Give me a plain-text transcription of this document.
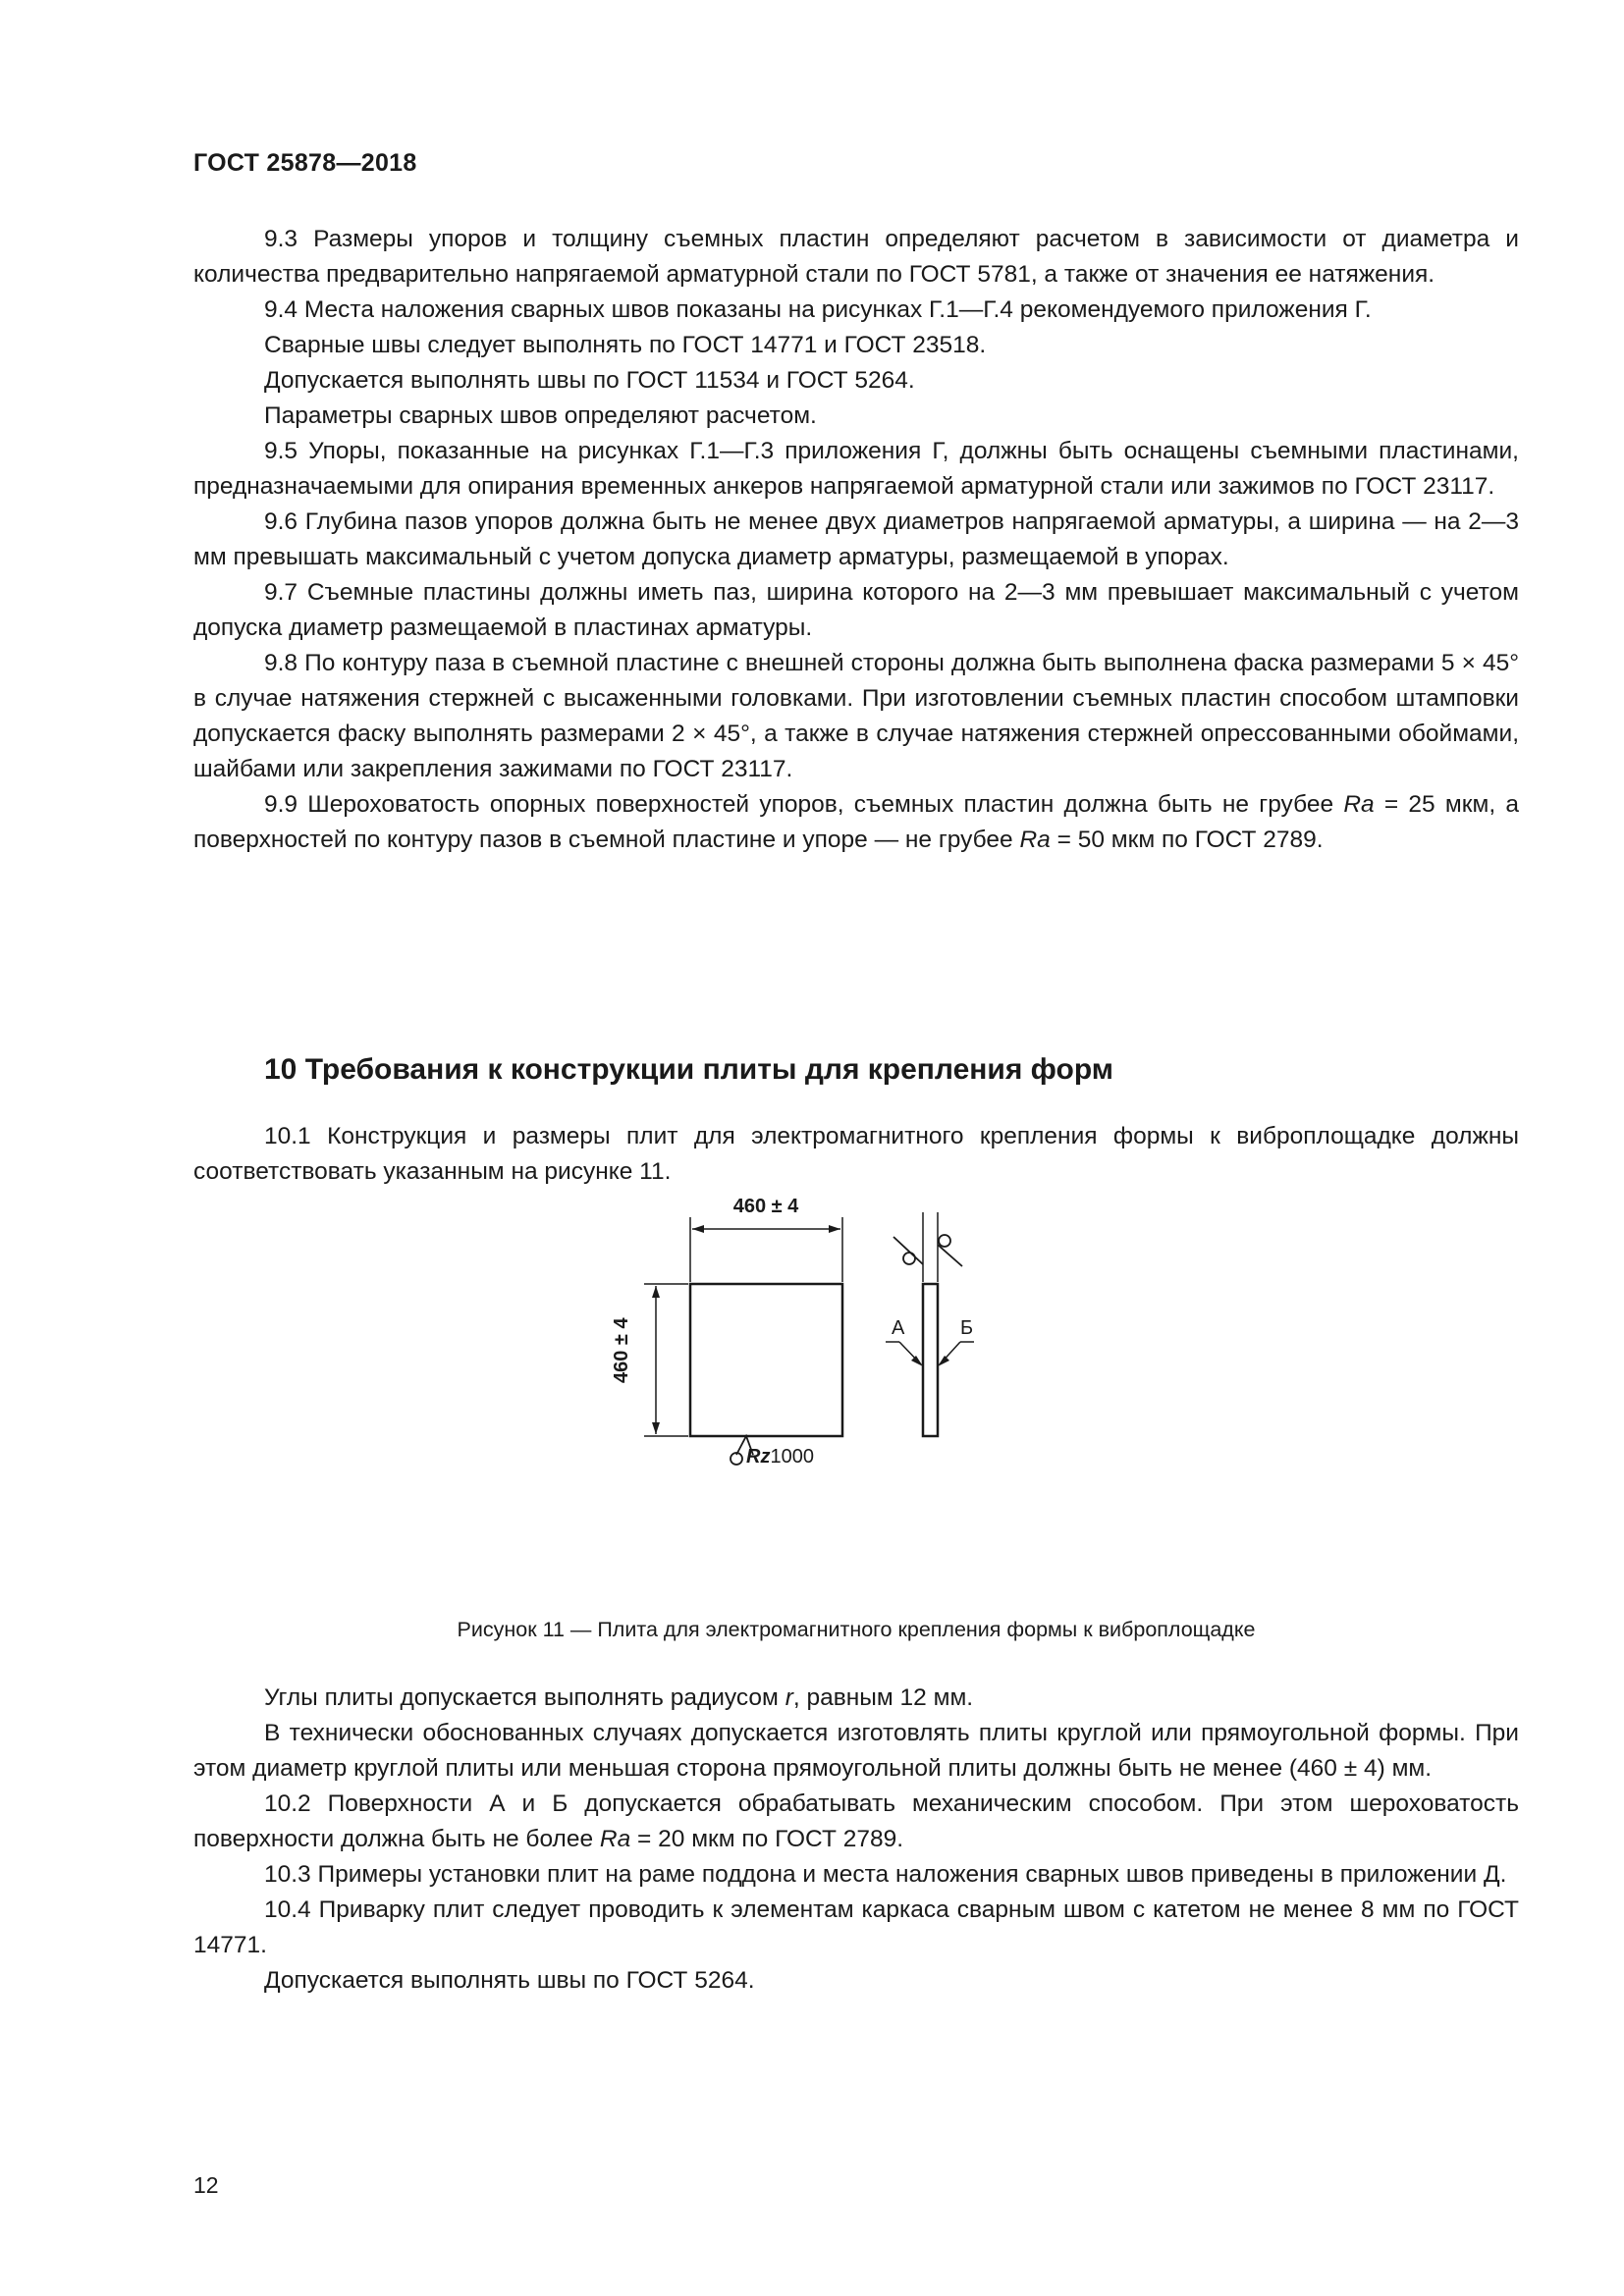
ГОСТ 25878—2018

9.3 Размеры упоров и толщину съемных пластин определяют расчетом в зависимости от диаметра и количества предварительно напрягаемой арматурной стали по ГОСТ 5781, а также от значения ее натяжения.

9.4 Места наложения сварных швов показаны на рисунках Г.1—Г.4 рекомендуемого приложения Г.

Сварные швы следует выполнять по ГОСТ 14771 и ГОСТ 23518.

Допускается выполнять швы по ГОСТ 11534 и ГОСТ 5264.

Параметры сварных швов определяют расчетом.

9.5 Упоры, показанные на рисунках Г.1—Г.3 приложения Г, должны быть оснащены съемными пластинами, предназначаемыми для опирания временных анкеров напрягаемой арматурной стали или зажимов по ГОСТ 23117.

9.6 Глубина пазов упоров должна быть не менее двух диаметров напрягаемой арматуры, а ширина — на 2—3 мм превышать максимальный с учетом допуска диаметр арматуры, размещаемой в упорах.

9.7 Съемные пластины должны иметь паз, ширина которого на 2—3 мм превышает максимальный с учетом допуска диаметр размещаемой в пластинах арматуры.

9.8 По контуру паза в съемной пластине с внешней стороны должна быть выполнена фаска размерами 5 × 45° в случае натяжения стержней с высаженными головками. При изготовлении съемных пластин способом штамповки допускается фаску выполнять размерами 2 × 45°, а также в случае натяжения стержней опрессованными обоймами, шайбами или закрепления зажимами по ГОСТ 23117.

9.9 Шероховатость опорных поверхностей упоров, съемных пластин должна быть не грубее Ra = 25 мкм, а поверхностей по контуру пазов в съемной пластине и упоре — не грубее Ra = 50 мкм по ГОСТ 2789.

10 Требования к конструкции плиты для крепления форм

10.1 Конструкция и размеры плит для электромагнитного крепления формы к виброплощадке должны соответствовать указанным на рисунке 11.

460 ± 4
460 ± 4	А	Б
Rz1000
Рисунок 11 — Плита для электромагнитного крепления формы к виброплощадке

Углы плиты допускается выполнять радиусом r, равным 12 мм.

В технически обоснованных случаях допускается изготовлять плиты круглой или прямоугольной формы. При этом диаметр круглой плиты или меньшая сторона прямоугольной плиты должны быть не менее (460 ± 4) мм.

10.2 Поверхности А и Б допускается обрабатывать механическим способом. При этом шероховатость поверхности должна быть не более Ra = 20 мкм по ГОСТ 2789.

10.3 Примеры установки плит на раме поддона и места наложения сварных швов приведены в приложении Д.

10.4 Приварку плит следует проводить к элементам каркаса сварным швом с катетом не менее 8 мм по ГОСТ 14771.

Допускается выполнять швы по ГОСТ 5264.

12
